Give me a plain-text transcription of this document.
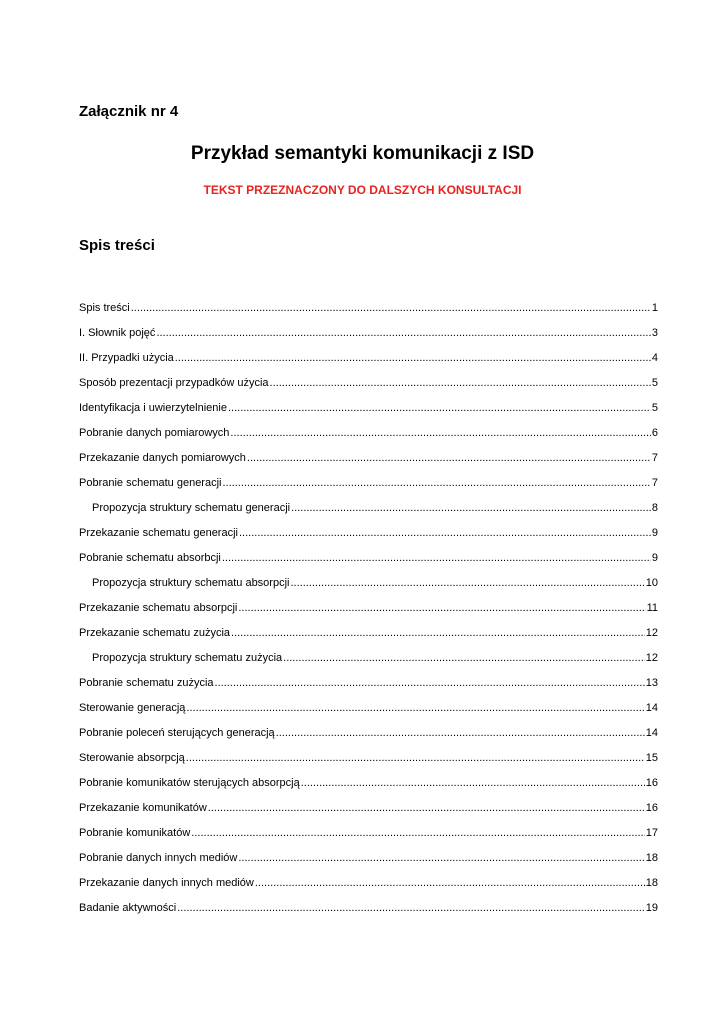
Załącznik nr 4
Przykład semantyki komunikacji z ISD
TEKST PRZEZNACZONY DO DALSZYCH KONSULTACJI
Spis treści
Spis treści .....	1
I. Słownik pojęć .....	3
II. Przypadki użycia .....	4
Sposób prezentacji przypadków użycia .....	5
Identyfikacja i uwierzytelnienie .....	5
Pobranie danych pomiarowych .....	6
Przekazanie danych pomiarowych .....	7
Pobranie schematu generacji .....	7
Propozycja struktury schematu generacji .....	8
Przekazanie schematu generacji .....	9
Pobranie schematu absorbcji .....	9
Propozycja struktury schematu absorpcji .....	10
Przekazanie schematu absorpcji .....	11
Przekazanie schematu zużycia .....	12
Propozycja struktury schematu zużycia .....	12
Pobranie schematu zużycia .....	13
Sterowanie generacją .....	14
Pobranie poleceń sterujących generacją .....	14
Sterowanie absorpcją .....	15
Pobranie komunikatów sterujących absorpcją .....	16
Przekazanie komunikatów .....	16
Pobranie komunikatów .....	17
Pobranie danych innych mediów .....	18
Przekazanie danych innych mediów .....	18
Badanie aktywności .....	19
